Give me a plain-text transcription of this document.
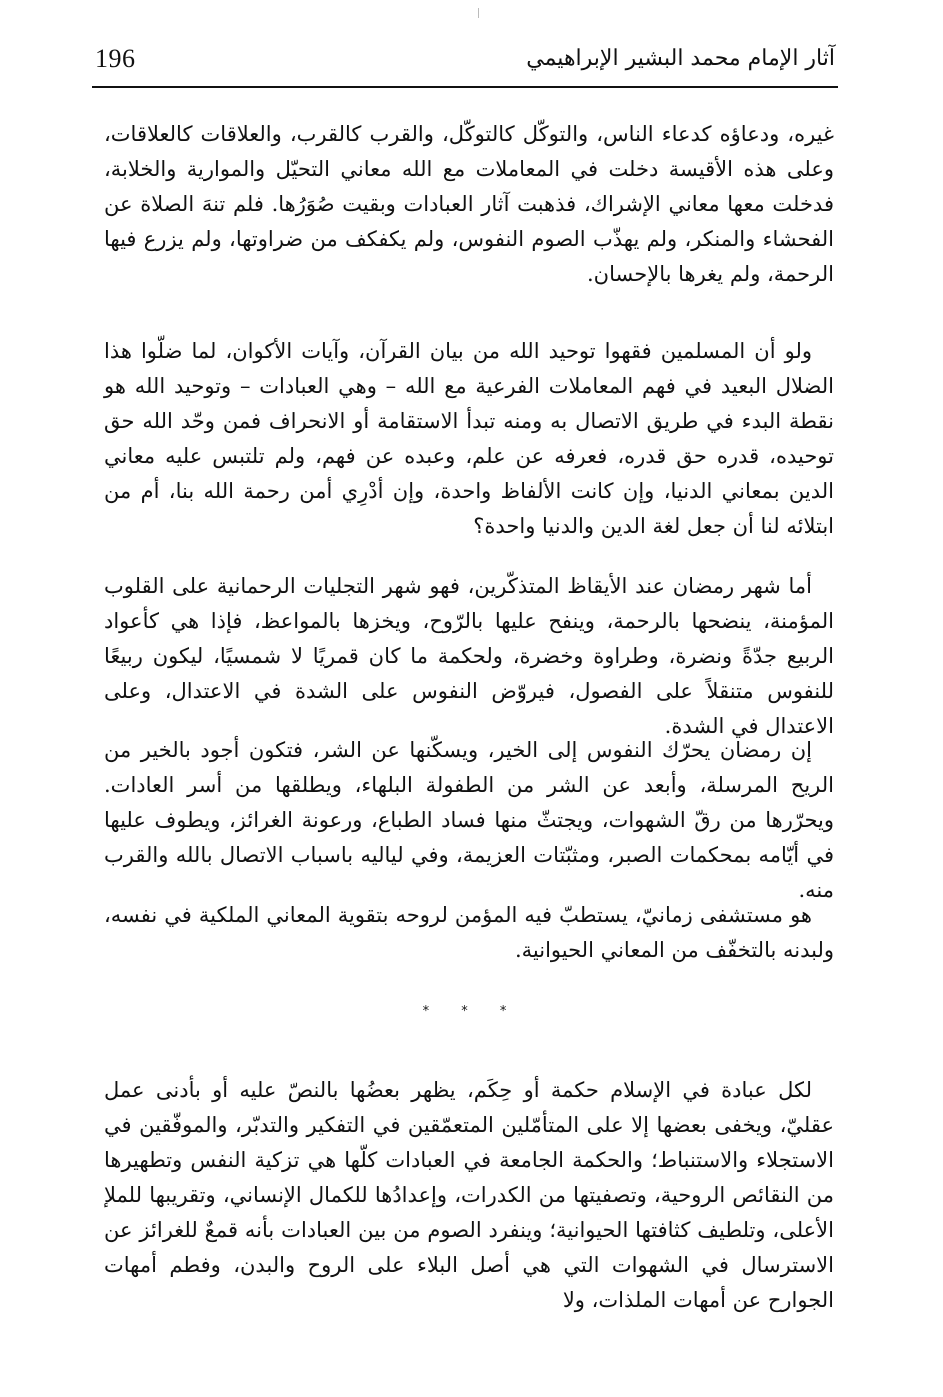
196	آثار الإمام محمد البشير الإبراهيمي

غيره، ودعاؤه كدعاء الناس، والتوكّل كالتوكّل، والقرب كالقرب، والعلاقات كالعلاقات، وعلى هذه الأقيسة دخلت في المعاملات مع الله معاني التحيّل والموارية والخلابة، فدخلت معها معاني الإشراك، فذهبت آثار العبادات وبقيت صُوَرُها. فلم تنهَ الصلاة عن الفحشاء والمنكر، ولم يهذّب الصوم النفوس، ولم يكفكف من ضراوتها، ولم يزرع فيها الرحمة، ولم يغرها بالإحسان.

ولو أن المسلمين فقهوا توحيد الله من بيان القرآن، وآيات الأكوان، لما ضلّوا هذا الضلال البعيد في فهم المعاملات الفرعية مع الله – وهي العبادات – وتوحيد الله هو نقطة البدء في طريق الاتصال به ومنه تبدأ الاستقامة أو الانحراف فمن وحّد الله حق توحيده، قدره حق قدره، فعرفه عن علم، وعبده عن فهم، ولم تلتبس عليه معاني الدين بمعاني الدنيا، وإن كانت الألفاظ واحدة، وإن أدْرِي أمن رحمة الله بنا، أم من ابتلائه لنا أن جعل لغة الدين والدنيا واحدة؟

أما شهر رمضان عند الأيقاظ المتذكّرين، فهو شهر التجليات الرحمانية على القلوب المؤمنة، ينضحها بالرحمة، وينفح عليها بالرّوح، ويخزها بالمواعظ، فإذا هي كأعواد الربيع جدّةً ونضرة، وطراوة وخضرة، ولحكمة ما كان قمريًا لا شمسيًا، ليكون ربيعًا للنفوس متنقلاً على الفصول، فيروّض النفوس على الشدة في الاعتدال، وعلى الاعتدال في الشدة.

إن رمضان يحرّك النفوس إلى الخير، ويسكّنها عن الشر، فتكون أجود بالخير من الريح المرسلة، وأبعد عن الشر من الطفولة البلهاء، ويطلقها من أسر العادات. ويحرّرها من رقّ الشهوات، ويجتثّ منها فساد الطباع، ورعونة الغرائز، ويطوف عليها في أيّامه بمحكمات الصبر، ومثبّتات العزيمة، وفي لياليه باسباب الاتصال بالله والقرب منه.

هو مستشفى زمانيّ، يستطبّ فيه المؤمن لروحه بتقوية المعاني الملكية في نفسه، ولبدنه بالتخفّف من المعاني الحيوانية.

* * *

لكل عبادة في الإسلام حكمة أو حِكَم، يظهر بعضُها بالنصّ عليه أو بأدنى عمل عقليّ، ويخفى بعضها إلا على المتأمّلين المتعمّقين في التفكير والتدبّر، والموفّقين في الاستجلاء والاستنباط؛ والحكمة الجامعة في العبادات كلّها هي تزكية النفس وتطهيرها من النقائص الروحية، وتصفيتها من الكدرات، وإعدادُها للكمال الإنساني، وتقريبها للملإ الأعلى، وتلطيف كثافتها الحيوانية؛ وينفرد الصوم من بين العبادات بأنه قمعٌ للغرائز عن الاسترسال في الشهوات التي هي أصل البلاء على الروح والبدن، وفطم أمهات الجوارح عن أمهات الملذات، ولا
